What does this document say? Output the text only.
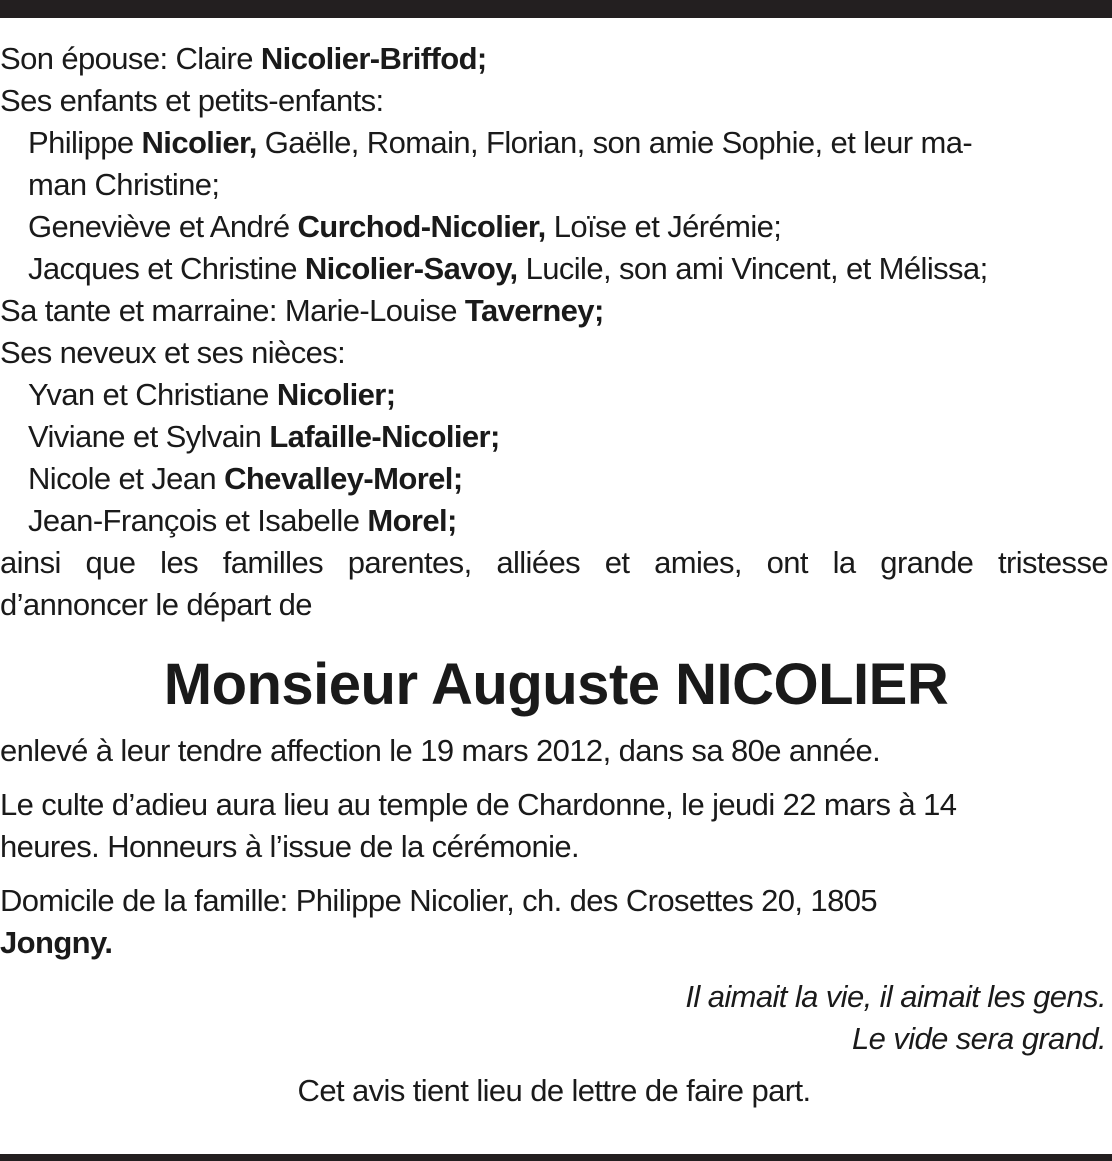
Son épouse: Claire Nicolier-Briffod;
Ses enfants et petits-enfants:
Philippe Nicolier, Gaëlle, Romain, Florian, son amie Sophie, et leur ma-
man Christine;
Geneviève et André Curchod-Nicolier, Loïse et Jérémie;
Jacques et Christine Nicolier-Savoy, Lucile, son ami Vincent, et Mélissa;
Sa tante et marraine: Marie-Louise Taverney;
Ses neveux et ses nièces:
Yvan et Christiane Nicolier;
Viviane et Sylvain Lafaille-Nicolier;
Nicole et Jean Chevalley-Morel;
Jean-François et Isabelle Morel;
ainsi que les familles parentes, alliées et amies, ont la grande tristesse
d’annoncer le départ de
Monsieur Auguste NICOLIER
enlevé à leur tendre affection le 19 mars 2012, dans sa 80e année.
Le culte d’adieu aura lieu au temple de Chardonne, le jeudi 22 mars à 14
heures. Honneurs à l’issue de la cérémonie.
Domicile de la famille: Philippe Nicolier, ch. des Crosettes 20, 1805
Jongny.
Il aimait la vie, il aimait les gens.
Le vide sera grand.
Cet avis tient lieu de lettre de faire part.
